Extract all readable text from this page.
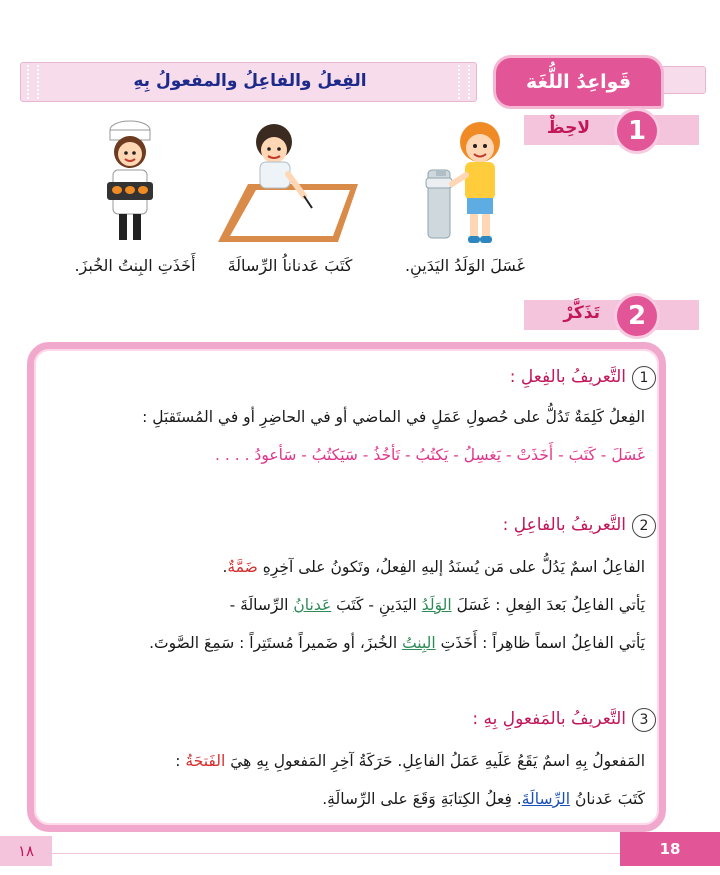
الفِعلُ والفاعِلُ والمفعولُ بِهِ	قَواعِدُ اللُّغَة
لاحِظْ	1
غَسَلَ الوَلَدُ اليَدَينِ.
كَتَبَ عَدناناُ الرِّسالَةَ
أَخَذَتِ البِنتُ الخُبزَ.
تَذَكَّرْ	2
1التَّعريفُ بالفِعلِ :
الفِعلُ كَلِمَةٌ تَدُلُّ على حُصولِ عَمَلٍ في الماضي أو في الحاضِرِ أو في المُستَقبَلِ :
غَسَلَ - كَتَبَ - أَخَذَتْ - يَغسِلُ - يَكتُبُ - تَأخُذُ - سَيَكتُبُ - سَأعودُ . . . .
2التَّعريفُ بالفاعِلِ :
الفاعِلُ اسمٌ يَدُلُّ على مَن يُسنَدُ إليهِ الفِعلُ، وتَكونُ على آخِرِهِ ضَمَّةٌ.
يَأتي الفاعِلُ بَعدَ الفِعلِ : غَسَلَ الوَلَدُ اليَدَينِ - كَتَبَ عَدنانُ الرِّسالَةَ -
يَأتي الفاعِلُ اسماً ظاهِراً : أَخَذَتِ البِنتُ الخُبزَ، أو ضَميراً مُستَتِراً : سَمِعَ الصَّوتَ.
3التَّعريفُ بالمَفعولِ بِهِ :
المَفعولُ بِهِ اسمٌ يَقَعُ عَلَيهِ عَمَلُ الفاعِلِ. حَرَكَةُ آخِرِ المَفعولِ بِهِ هِيَ الفَتحَةُ :
كَتَبَ عَدنانُ الرِّسالَةَ. فِعلُ الكِتابَةِ وَقَعَ على الرِّسالَةِ.
١٨	18
